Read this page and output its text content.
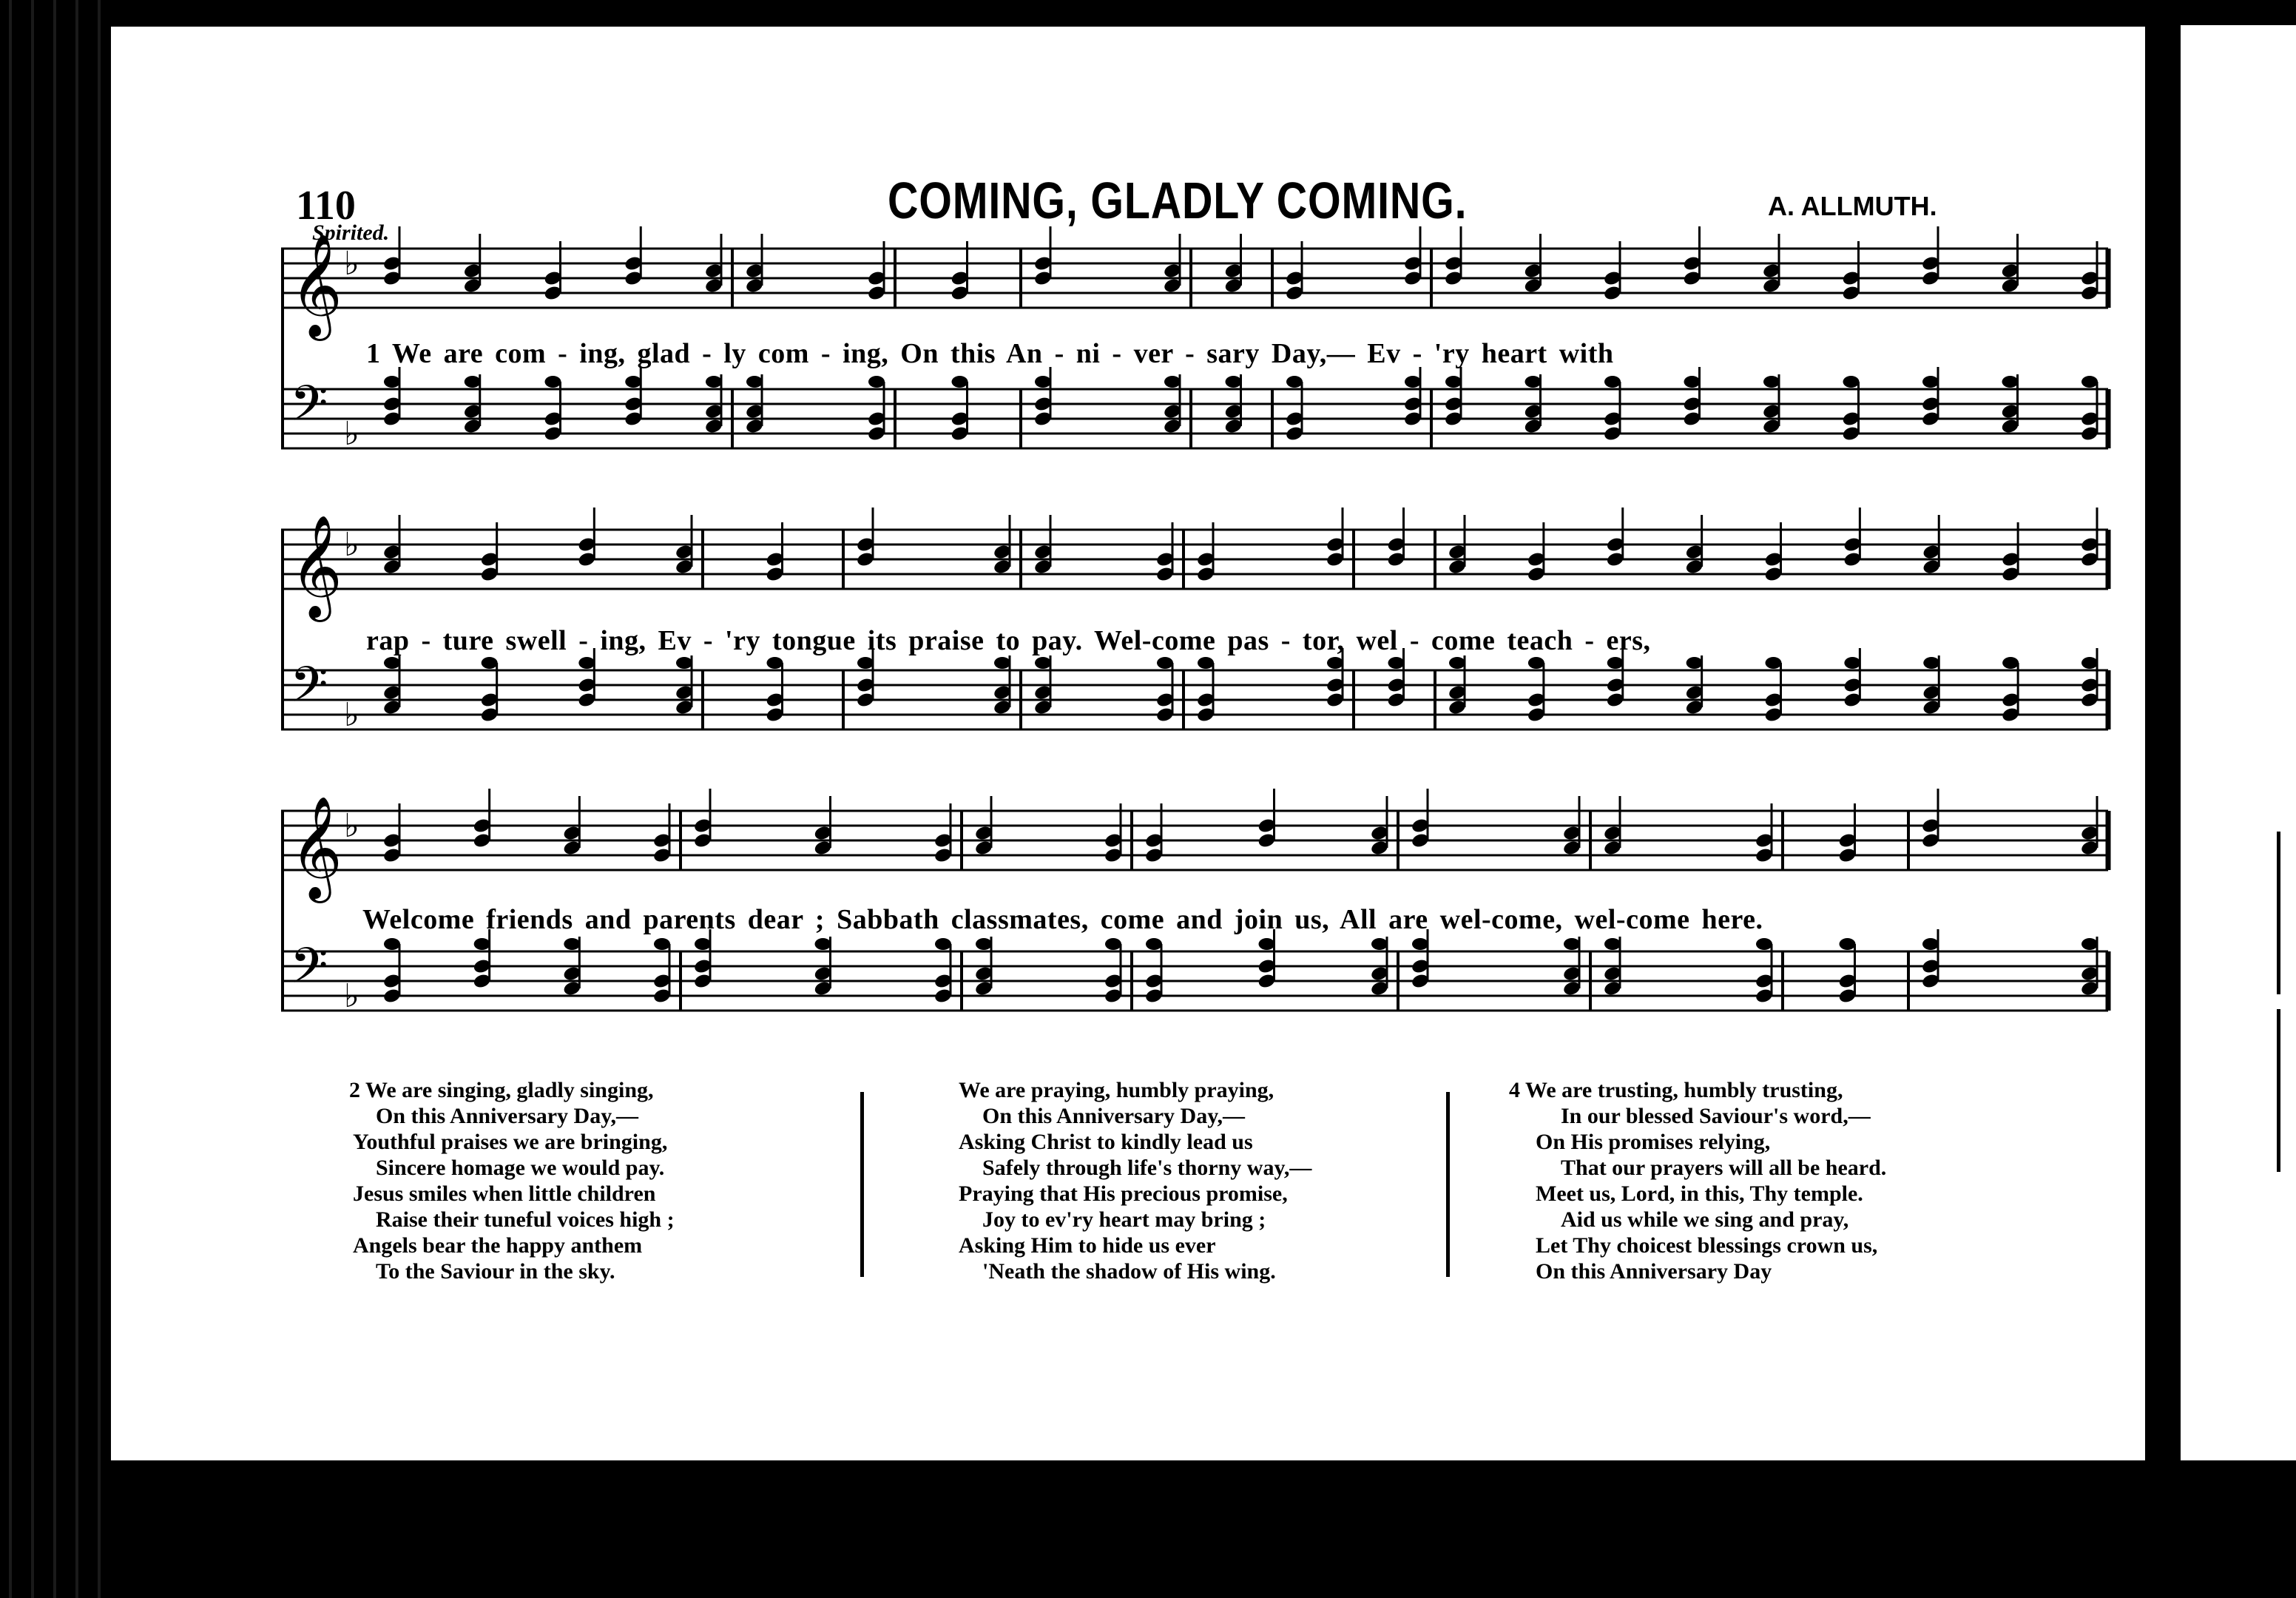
110	COMING, GLADLY COMING.	A. ALLMUTH.
Spirited.
𝄞 ♭
𝄢 ♭
1 We are com - ing, glad - ly com - ing, On this An - ni - ver - sary Day,— Ev - 'ry heart with
𝄞 ♭
𝄢 ♭
rap - ture swell - ing, Ev - 'ry tongue its praise to pay. Wel-come pas - tor, wel - come teach - ers,
𝄞 ♭
𝄢 ♭
Welcome friends and parents dear ; Sabbath classmates, come and join us, All are wel-come, wel-come here.
2 We are singing, gladly singing,
On this Anniversary Day,—
Youthful praises we are bringing,
Sincere homage we would pay.
Jesus smiles when little children
Raise their tuneful voices high ;
Angels bear the happy anthem
To the Saviour in the sky.
We are praying, humbly praying,
On this Anniversary Day,—
Asking Christ to kindly lead us
Safely through life's thorny way,—
Praying that His precious promise,
Joy to ev'ry heart may bring ;
Asking Him to hide us ever
'Neath the shadow of His wing.
4 We are trusting, humbly trusting,
In our blessed Saviour's word,—
On His promises relying,
That our prayers will all be heard.
Meet us, Lord, in this, Thy temple.
Aid us while we sing and pray,
Let Thy choicest blessings crown us,
On this Anniversary Day
